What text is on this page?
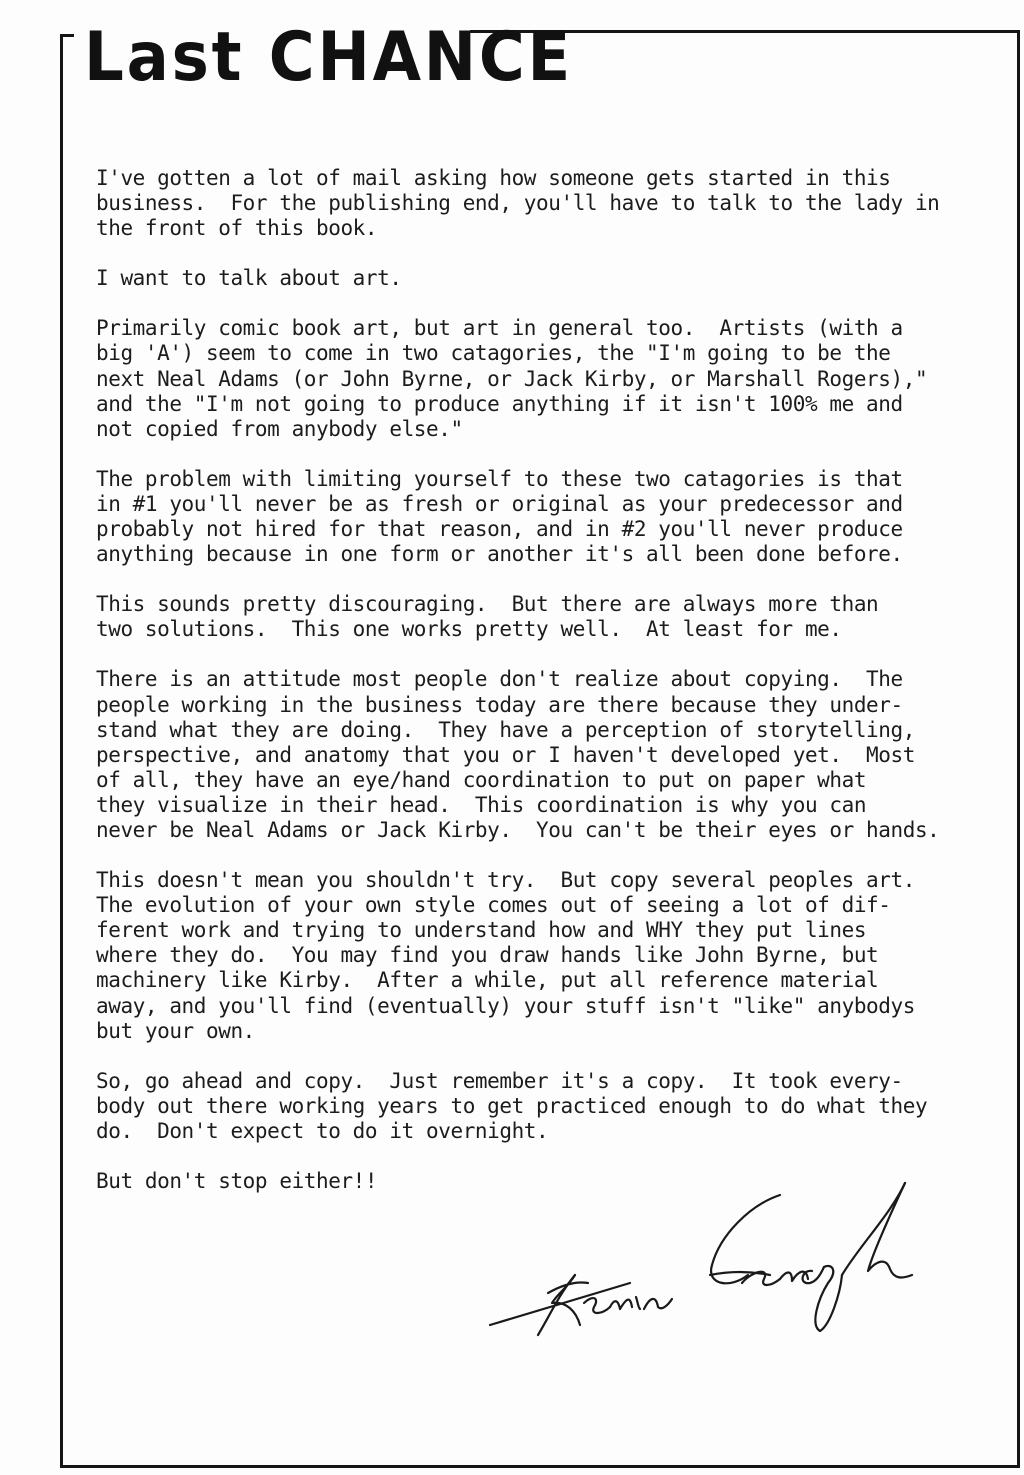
Last CHANCE

I've gotten a lot of mail asking how someone gets started in this
business.  For the publishing end, you'll have to talk to the lady in
the front of this book.

I want to talk about art.

Primarily comic book art, but art in general too.  Artists (with a
big 'A') seem to come in two catagories, the "I'm going to be the
next Neal Adams (or John Byrne, or Jack Kirby, or Marshall Rogers),"
and the "I'm not going to produce anything if it isn't 100% me and
not copied from anybody else."

The problem with limiting yourself to these two catagories is that
in #1 you'll never be as fresh or original as your predecessor and
probably not hired for that reason, and in #2 you'll never produce
anything because in one form or another it's all been done before.

This sounds pretty discouraging.  But there are always more than
two solutions.  This one works pretty well.  At least for me.

There is an attitude most people don't realize about copying.  The
people working in the business today are there because they under-
stand what they are doing.  They have a perception of storytelling,
perspective, and anatomy that you or I haven't developed yet.  Most
of all, they have an eye/hand coordination to put on paper what
they visualize in their head.  This coordination is why you can
never be Neal Adams or Jack Kirby.  You can't be their eyes or hands.

This doesn't mean you shouldn't try.  But copy several peoples art.
The evolution of your own style comes out of seeing a lot of dif-
ferent work and trying to understand how and WHY they put lines
where they do.  You may find you draw hands like John Byrne, but
machinery like Kirby.  After a while, put all reference material
away, and you'll find (eventually) your stuff isn't "like" anybodys
but your own.

So, go ahead and copy.  Just remember it's a copy.  It took every-
body out there working years to get practiced enough to do what they
do.  Don't expect to do it overnight.

But don't stop either!!
